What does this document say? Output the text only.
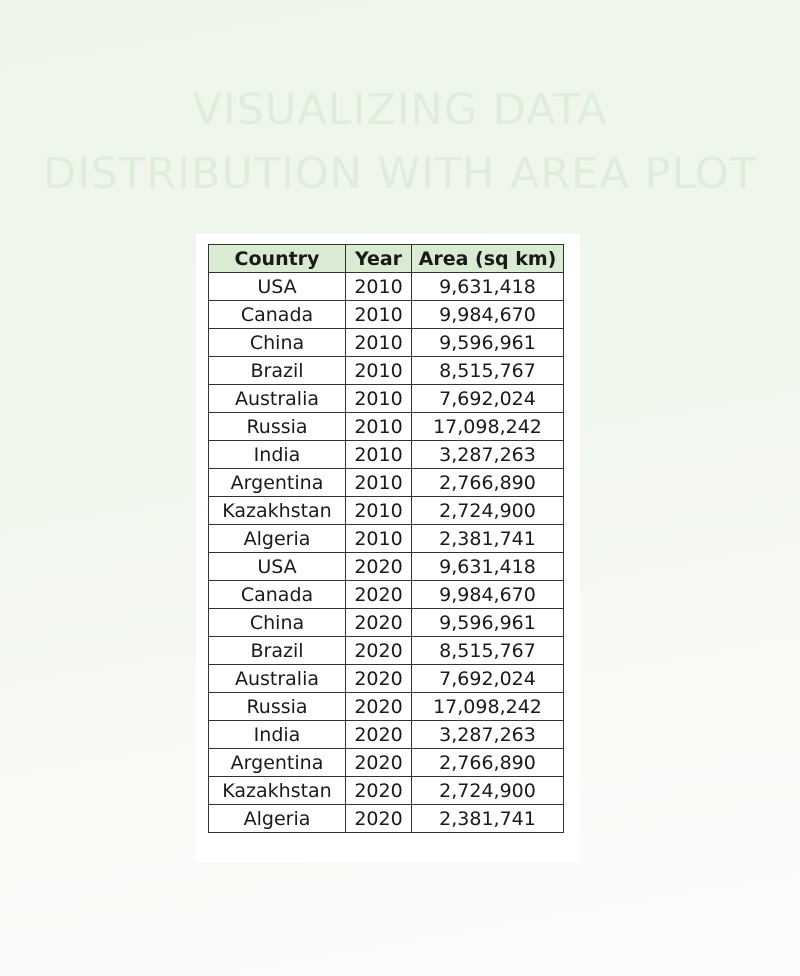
VISUALIZING DATA
DISTRIBUTION WITH AREA PLOT
Country	Year	Area (sq km)
USA	2010	9,631,418
Canada	2010	9,984,670
China	2010	9,596,961
Brazil	2010	8,515,767
Australia	2010	7,692,024
Russia	2010	17,098,242
India	2010	3,287,263
Argentina	2010	2,766,890
Kazakhstan	2010	2,724,900
Algeria	2010	2,381,741
USA	2020	9,631,418
Canada	2020	9,984,670
China	2020	9,596,961
Brazil	2020	8,515,767
Australia	2020	7,692,024
Russia	2020	17,098,242
India	2020	3,287,263
Argentina	2020	2,766,890
Kazakhstan	2020	2,724,900
Algeria	2020	2,381,741
